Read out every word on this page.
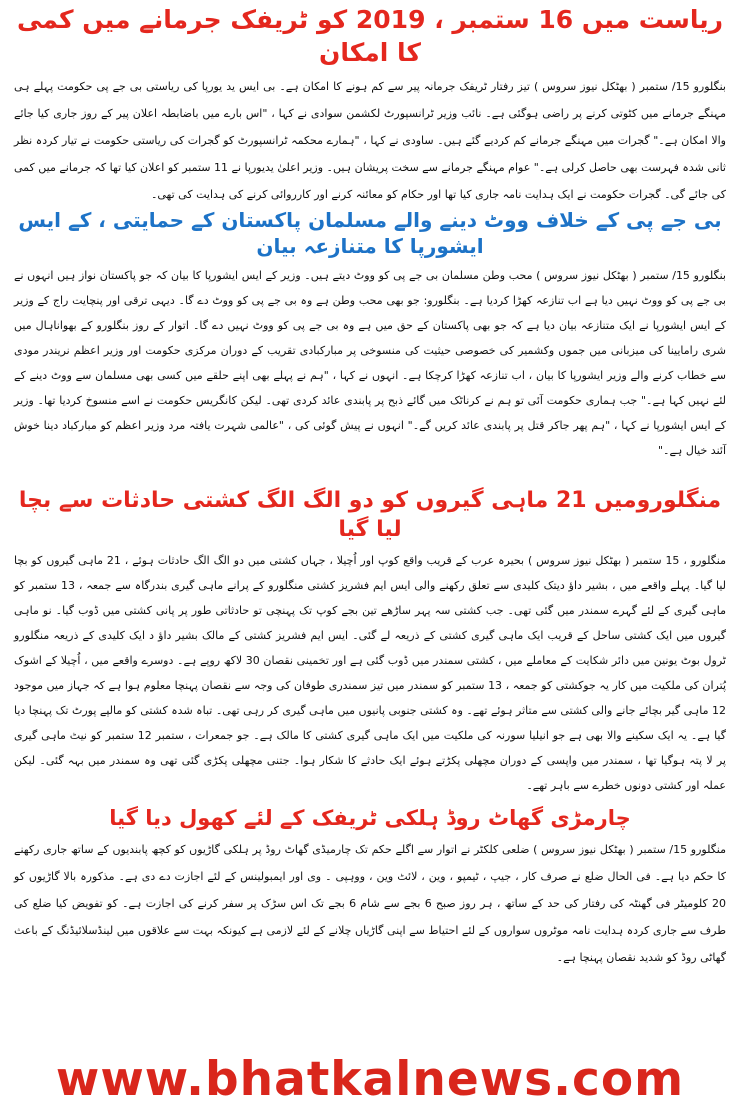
ریاست میں 16 ستمبر ، 2019 کو ٹریفک جرمانے میں کمی کا امکان

بنگلورو 15/ ستمبر ( بھٹکل نیوز سروس ) تیز رفتار ٹریفک جرمانہ پیر سے کم ہونے کا امکان ہے۔ بی ایس ید یورپا کی ریاستی بی جے پی حکومت پہلے ہی مہنگے جرمانے میں کٹوتی کرنے پر راضی ہوگئی ہے۔ نائب وزیر ٹرانسپورٹ لکشمن سوادی نے کہا ، "اس بارے میں باضابطہ اعلان پیر کے روز جاری کیا جائے والا امکان ہے۔" گجرات میں مہنگے جرمانے کم کردیے گئے ہیں۔ ساودی نے کہا ، "ہمارے محکمہ ٹرانسپورٹ کو گجرات کی ریاستی حکومت نے تیار کردہ نظر ثانی شدہ فہرست بھی حاصل کرلی ہے۔" عوام مہنگے جرمانے سے سخت پریشان ہیں۔ وزیر اعلیٰ یدیورپا نے 11 ستمبر کو اعلان کیا تھا کہ جرمانے میں کمی کی جائے گی۔ گجرات حکومت نے ایک ہدایت نامہ جاری کیا تھا اور حکام کو معائنہ کرنے اور کارروائی کرنے کی ہدایت کی تھی۔

بی جے پی کے خلاف ووٹ دینے والے مسلمان پاکستان کے حمایتی ، کے ایس ایشورپا کا متنازعہ بیان

بنگلورو 15/ ستمبر ( بھٹکل نیوز سروس ) محب وطن مسلمان بی جے پی کو ووٹ دیتے ہیں۔ وزیر کے ایس ایشورپا کا بیان کہ جو پاکستان نواز ہیں انہوں نے بی جے پی کو ووٹ نہیں دیا ہے اب تنازعہ کھڑا کردیا ہے۔ بنگلورو: جو بھی محب وطن ہے وہ بی جے پی کو ووٹ دے گا۔ دیہی ترقی اور پنچایت راج کے وزیر کے ایس ایشورپا نے ایک متنازعہ بیان دیا ہے کہ جو بھی پاکستان کے حق میں ہے وہ بی جے پی کو ووٹ نہیں دے گا۔ اتوار کے روز بنگلورو کے بھواناہال میں شری رامایینا کی میزبانی میں جموں وکشمیر کی خصوصی حیثیت کی منسوخی پر مبارکبادی تقریب کے دوران مرکزی حکومت اور وزیر اعظم نریندر مودی سے خطاب کرنے والے وزیر ایشورپا کا بیان ، اب تنازعہ کھڑا کرچکا ہے۔ انہوں نے کہا ، "ہم نے پہلے بھی اپنے حلقے میں کسی بھی مسلمان سے ووٹ دینے کے لئے نہیں کہا ہے۔" جب ہماری حکومت آئی تو ہم نے کرناٹک میں گائے ذبح پر پابندی عائد کردی تھی۔ لیکن کانگریس حکومت نے اسے منسوخ کردیا تھا۔ وزیر کے ایس ایشورپا نے کہا ، "ہم پھر جاکر قتل پر پابندی عائد کریں گے۔" انہوں نے پیش گوئی کی ، "عالمی شہرت یافتہ مرد وزیر اعظم کو مبارکباد دینا خوش آئند خیال ہے۔"

منگلورومیں 21 ماہی گیروں کو دو الگ الگ کشتی حادثات سے بچا لیا گیا

منگلورو ، 15 ستمبر ( بھٹکل نیوز سروس ) بحیرہ عرب کے قریب واقع کوپ اور اُچیلا ، جہاں کشتی میں دو الگ الگ حادثات ہوئے ، 21 ماہی گیروں کو بچا لیا گیا۔ پہلے واقعے میں ، بشیر داؤ دیتک کلیدی سے تعلق رکھنے والی ایس ایم فشریز کشتی منگلورو کے پرانے ماہی گیری بندرگاہ سے جمعہ ، 13 ستمبر کو ماہی گیری کے لئے گہرے سمندر میں گئی تھی۔ جب کشتی سہ پہر ساڑھے تین بجے کوپ تک پہنچی تو حادثاتی طور پر پانی کشتی میں ڈوب گیا۔ نو ماہی گیروں میں ایک کشتی ساحل کے قریب ایک ماہی گیری کشتی کے ذریعہ لے گئی۔ ایس ایم فشریز کشتی کے مالک بشیر داؤ د ایک کلیدی کے ذریعہ منگلورو ٹرول بوٹ یونین میں دائر شکایت کے معاملے میں ، کشتی سمندر میں ڈوب گئی ہے اور تخمینی نقصان 30 لاکھ روپے ہے۔ دوسرے واقعے میں ، اُچیلا کے اشوک پُتران کی ملکیت میں کار یہ جوکشتی کو جمعہ ، 13 ستمبر کو سمندر میں تیز سمندری طوفان کی وجہ سے نقصان پہنچا معلوم ہوا ہے کہ جہاز میں موجود 12 ماہی گیر بچائے جانے والی کشتی سے متاثر ہوئے تھے۔ وہ کشتی جنوبی پانیوں میں ماہی گیری کر رہی تھی۔ تباہ شدہ کشتی کو مالپے پورٹ تک پہنچا دیا گیا ہے۔ یہ ایک سکینے والا بھی ہے جو انیلیا سورنہ کی ملکیت میں ایک ماہی گیری کشتی کا مالک ہے۔ جو جمعرات ، ستمبر 12 ستمبر کو نیٹ ماہی گیری پر لا پتہ ہوگیا تھا ، سمندر میں واپسی کے دوران مچھلی پکڑتے ہوئے ایک حادثے کا شکار ہوا۔ جتنی مچھلی پکڑی گئی تھی وہ سمندر میں بہہ گئی۔ لیکن عملہ اور کشتی دونوں خطرے سے باہر تھے۔

چارمڑی گھاٹ روڈ ہلکی ٹریفک کے لئے کھول دیا گیا

منگلورو 15/ ستمبر ( بھٹکل نیوز سروس ) ضلعی کلکٹر نے اتوار سے اگلے حکم تک چارمیڈی گھاٹ روڈ پر ہلکی گاڑیوں کو کچھ پابندیوں کے ساتھ جاری رکھنے کا حکم دیا ہے۔ فی الحال ضلع نے صرف کار ، جیپ ، ٹیمپو ، وین ، لائٹ وین ، ووہپی ۔ وی اور ایمبولینس کے لئے اجازت دے دی ہے۔ مذکورہ بالا گاڑیوں کو 20 کلومیٹر فی گھنٹہ کی رفتار کی حد کے ساتھ ، ہر روز صبح 6 بجے سے شام 6 بجے تک اس سڑک پر سفر کرنے کی اجازت ہے۔ کو تفویض کیا ضلع کی طرف سے جاری کردہ ہدایت نامہ موٹروں سواروں کے لئے احتیاط سے اپنی گاڑیاں چلانے کے لئے لازمی ہے کیونکہ بہت سے علاقوں میں لینڈسلائیڈنگ کے باعث گھاٹی روڈ کو شدید نقصان پہنچا ہے۔

www.bhatkalnews.com
